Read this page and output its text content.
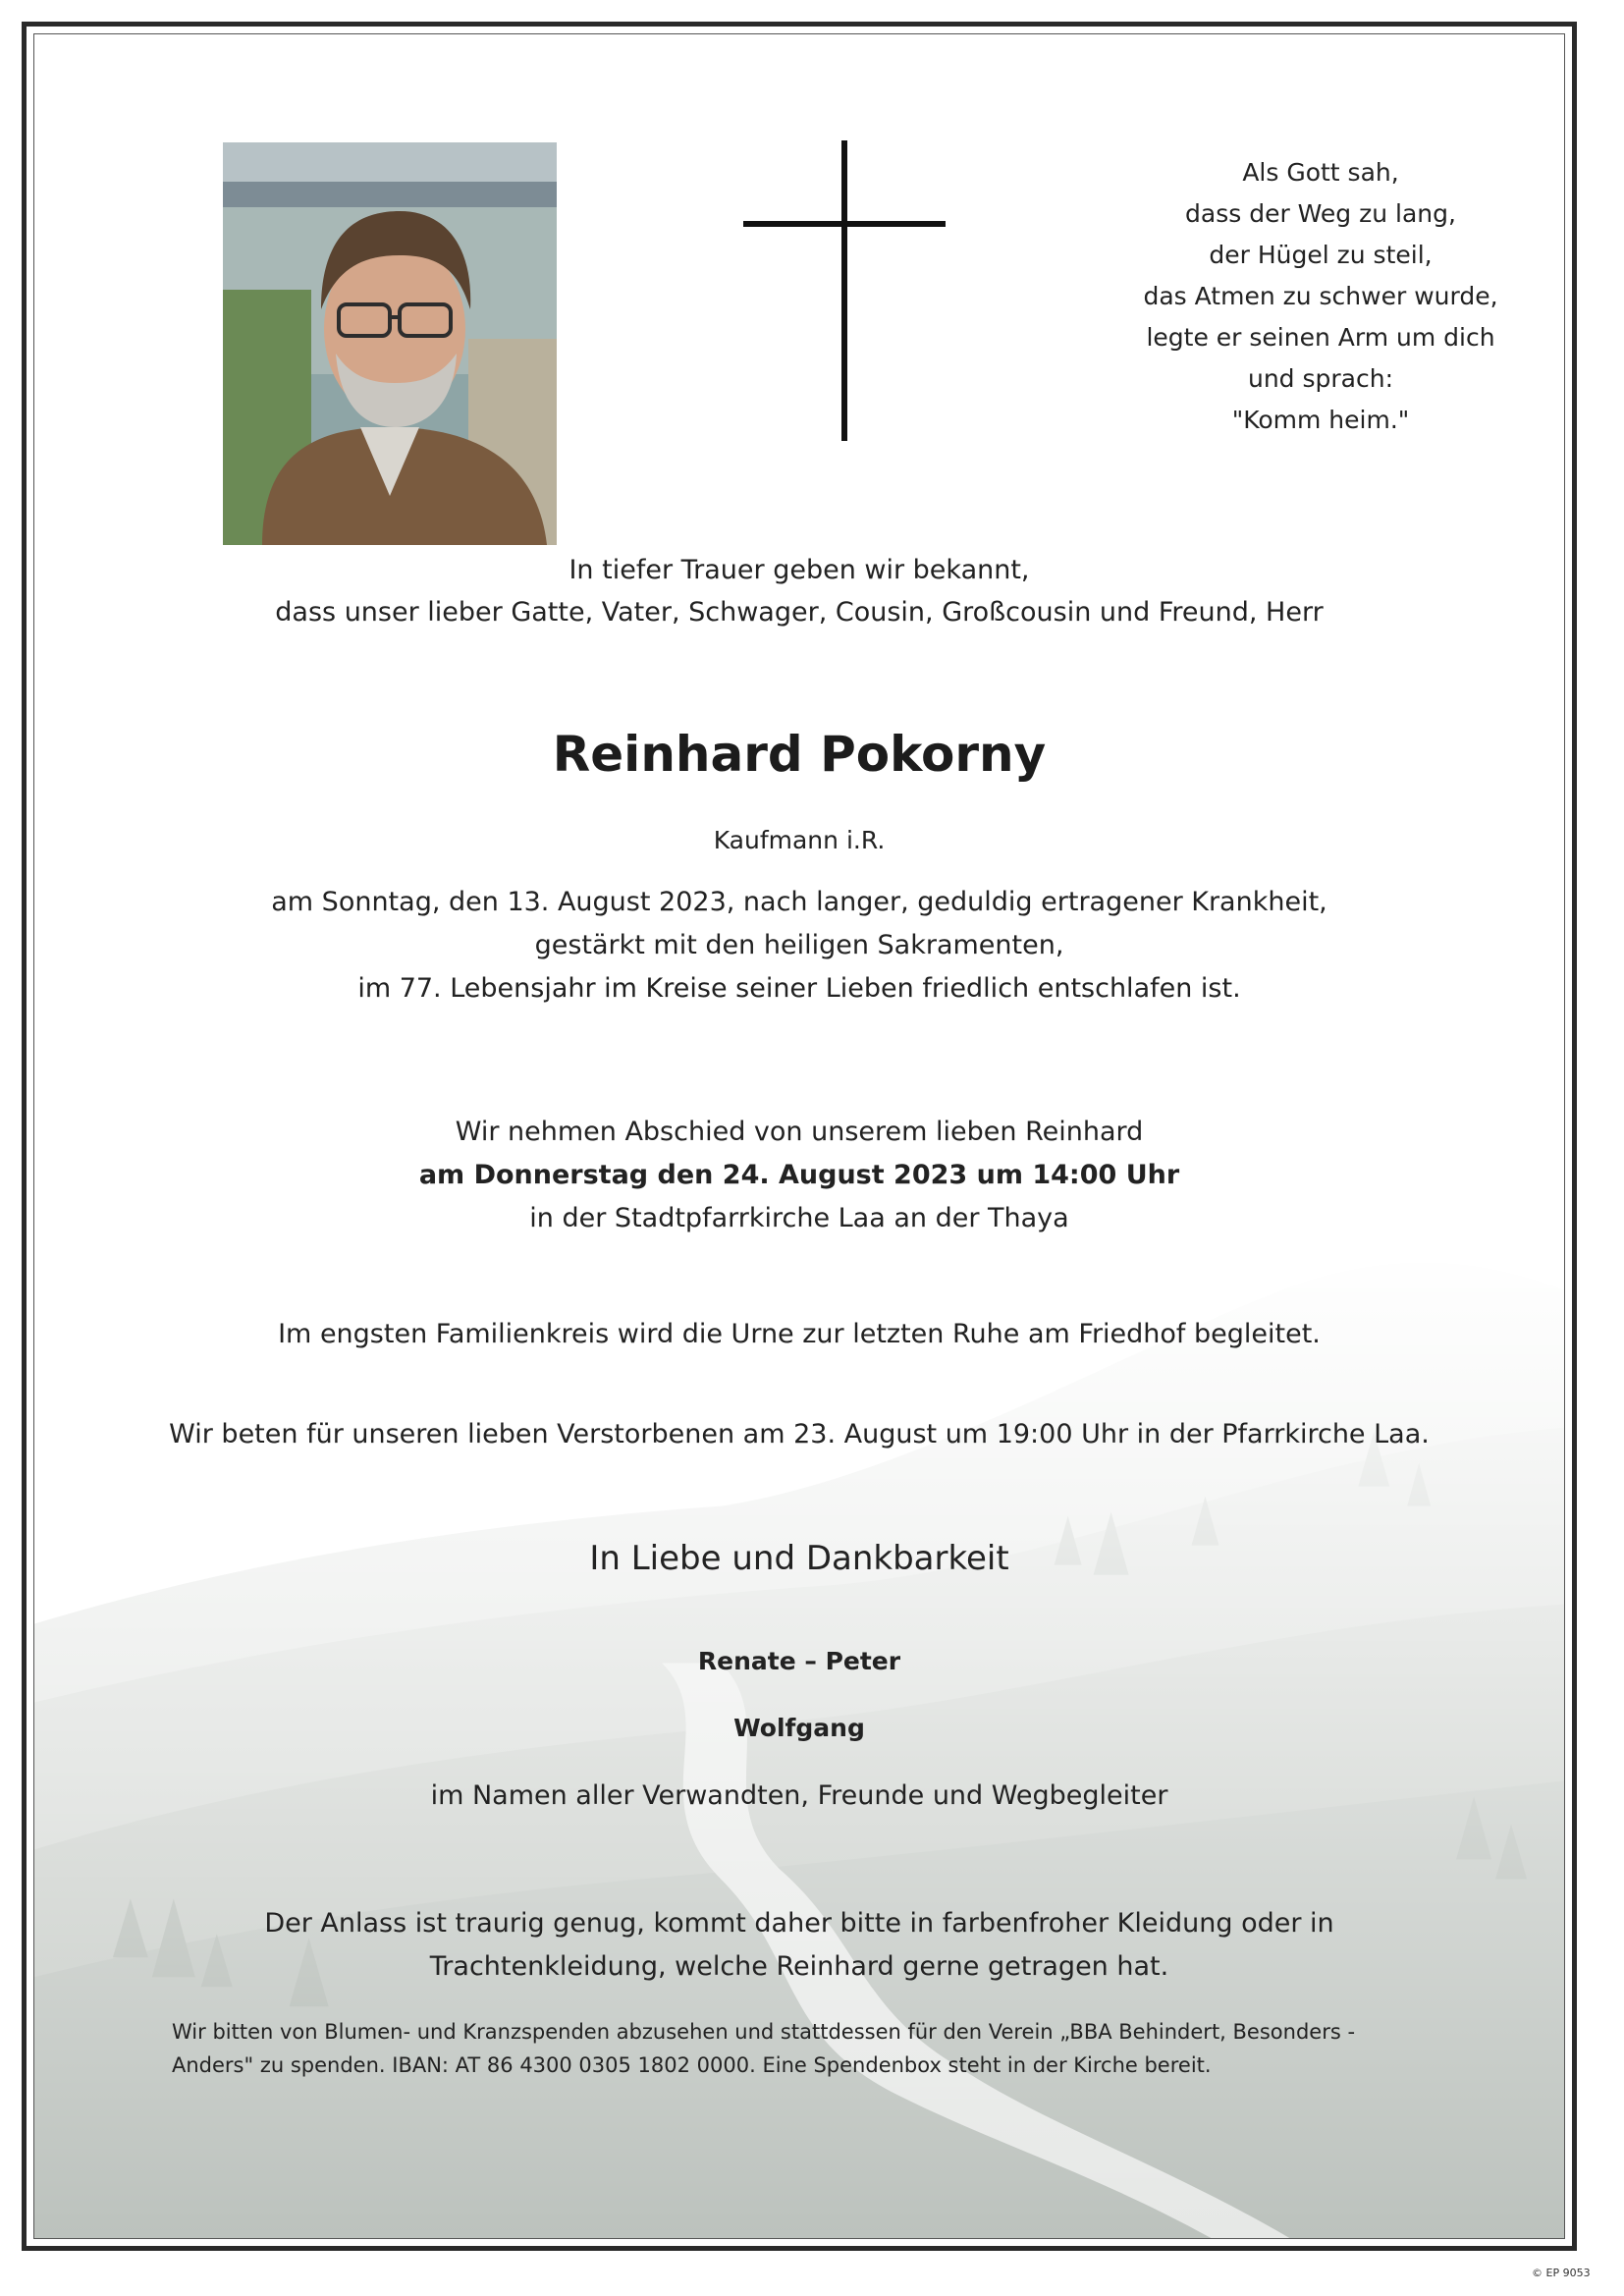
Als Gott sah,
dass der Weg zu lang,
der Hügel zu steil,
das Atmen zu schwer wurde,
legte er seinen Arm um dich
und sprach:
"Komm heim."
In tiefer Trauer geben wir bekannt,
dass unser lieber Gatte, Vater, Schwager, Cousin, Großcousin und Freund, Herr
Reinhard Pokorny
Kaufmann i.R.
am Sonntag, den 13. August 2023, nach langer, geduldig ertragener Krankheit,
gestärkt mit den heiligen Sakramenten,
im 77. Lebensjahr im Kreise seiner Lieben friedlich entschlafen ist.
Wir nehmen Abschied von unserem lieben Reinhard
am Donnerstag den 24. August 2023 um 14:00 Uhr
in der Stadtpfarrkirche Laa an der Thaya
Im engsten Familienkreis wird die Urne zur letzten Ruhe am Friedhof begleitet.
Wir beten für unseren lieben Verstorbenen am 23. August um 19:00 Uhr in der Pfarrkirche Laa.
In Liebe und Dankbarkeit
Renate – Peter
Wolfgang
im Namen aller Verwandten, Freunde und Wegbegleiter
Der Anlass ist traurig genug, kommt daher bitte in farbenfroher Kleidung oder in
Trachtenkleidung, welche Reinhard gerne getragen hat.
Wir bitten von Blumen- und Kranzspenden abzusehen und stattdessen für den Verein „BBA Behindert, Besonders -
Anders" zu spenden. IBAN: AT 86 4300 0305 1802 0000. Eine Spendenbox steht in der Kirche bereit.
© EP 9053
